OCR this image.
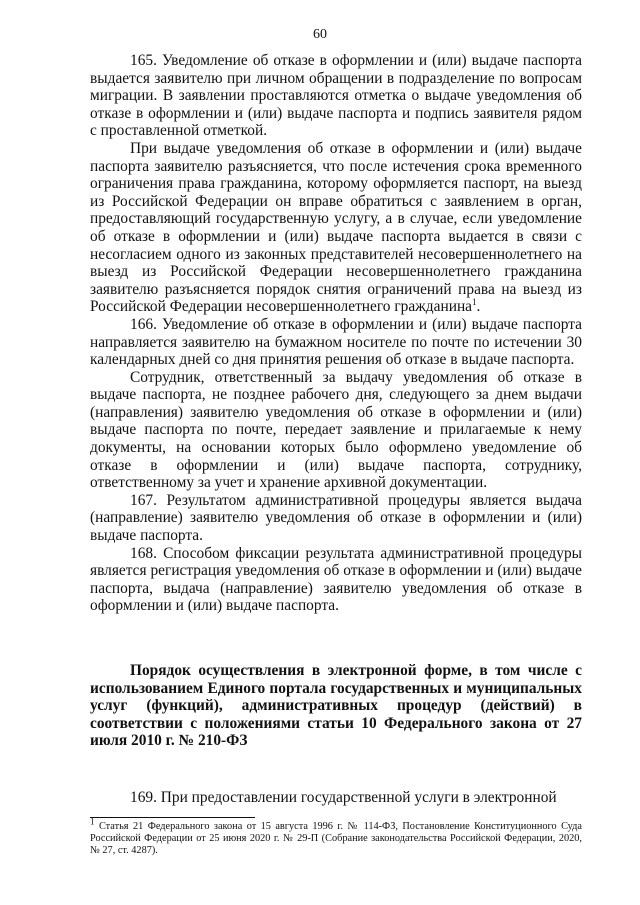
60

165. Уведомление об отказе в оформлении и (или) выдаче паспорта выдается заявителю при личном обращении в подразделение по вопросам миграции. В заявлении проставляются отметка о выдаче уведомления об отказе в оформлении и (или) выдаче паспорта и подпись заявителя рядом с проставленной отметкой.

При выдаче уведомления об отказе в оформлении и (или) выдаче паспорта заявителю разъясняется, что после истечения срока временного ограничения права гражданина, которому оформляется паспорт, на выезд из Российской Федерации он вправе обратиться с заявлением в орган, предоставляющий государственную услугу, а в случае, если уведомление об отказе в оформлении и (или) выдаче паспорта выдается в связи с несогласием одного из законных представителей несовершеннолетнего на выезд из Российской Федерации несовершеннолетнего гражданина заявителю разъясняется порядок снятия ограничений права на выезд из Российской Федерации несовершеннолетнего гражданина$^1$.

166. Уведомление об отказе в оформлении и (или) выдаче паспорта направляется заявителю на бумажном носителе по почте по истечении 30 календарных дней со дня принятия решения об отказе в выдаче паспорта.

Сотрудник, ответственный за выдачу уведомления об отказе в выдаче паспорта, не позднее рабочего дня, следующего за днем выдачи (направления) заявителю уведомления об отказе в оформлении и (или) выдаче паспорта по почте, передает заявление и прилагаемые к нему документы, на основании которых было оформлено уведомление об отказе в оформлении и (или) выдаче паспорта, сотруднику, ответственному за учет и хранение архивной документации.

167. Результатом административной процедуры является выдача (направление) заявителю уведомления об отказе в оформлении и (или) выдаче паспорта.

168. Способом фиксации результата административной процедуры является регистрация уведомления об отказе в оформлении и (или) выдаче паспорта, выдача (направление) заявителю уведомления об отказе в оформлении и (или) выдаче паспорта.

Порядок осуществления в электронной форме, в том числе с использованием Единого портала государственных и муниципальных услуг (функций), административных процедур (действий) в соответствии с положениями статьи 10 Федерального закона от 27 июля 2010 г. № 210-ФЗ

169. При предоставлении государственной услуги в электронной

$^1$ Статья 21 Федерального закона от 15 августа 1996 г. № 114-ФЗ, Постановление Конституционного Суда Российской Федерации от 25 июня 2020 г. № 29-П (Собрание законодательства Российской Федерации, 2020, № 27, ст. 4287).
